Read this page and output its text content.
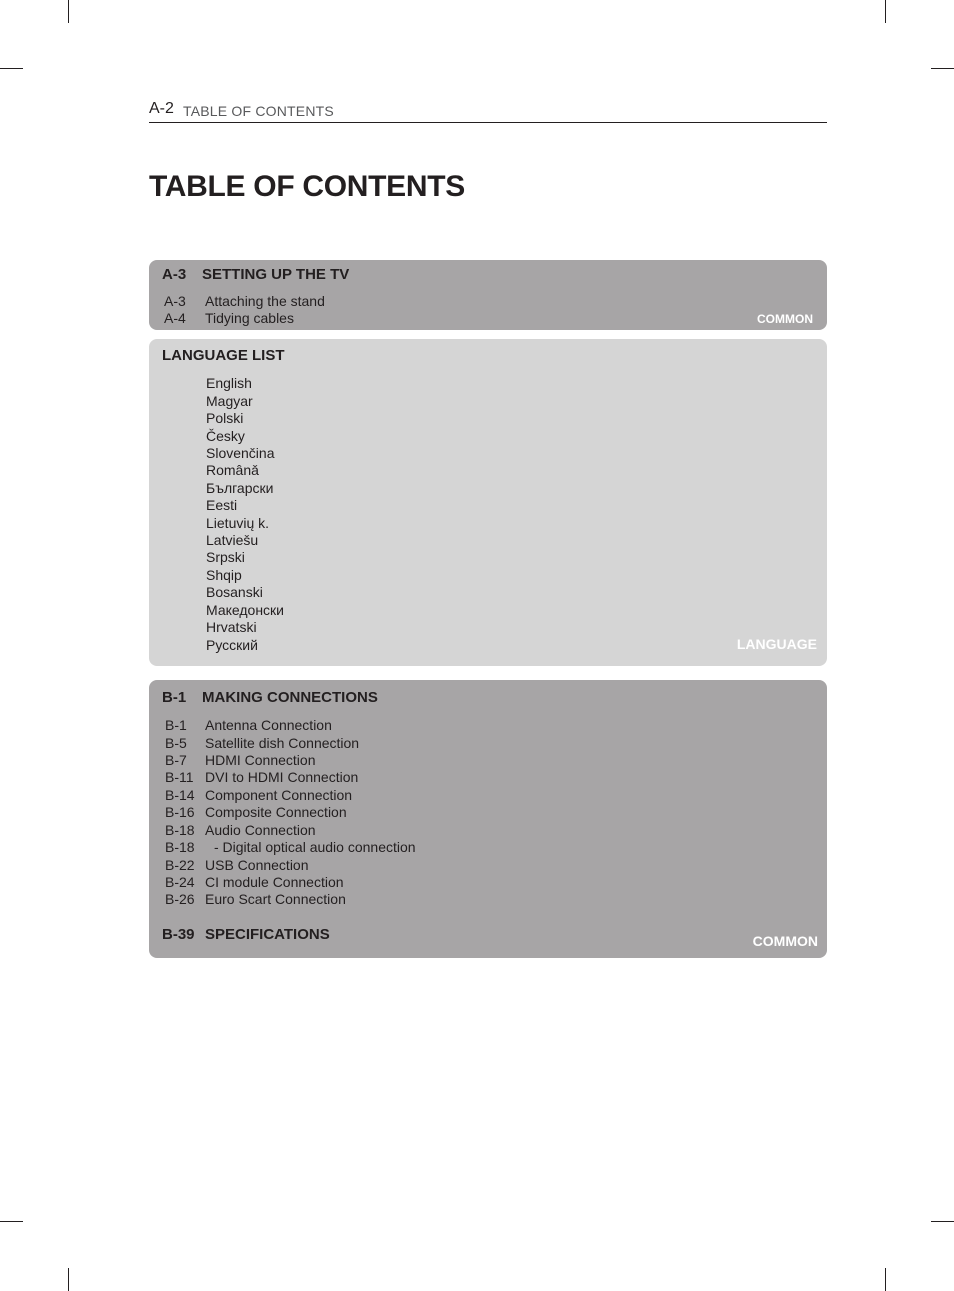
A-2 TABLE OF CONTENTS
TABLE OF CONTENTS
A-3 SETTING UP THE TV
A-3 Attaching the stand
A-4 Tidying cables	COMMON
LANGUAGE LIST
English
Magyar
Polski
Česky
Slovenčina
Românǎ
Български
Eesti
Lietuvių k.
Latviešu
Srpski
Shqip
Bosanski
Македонски
Hrvatski
Русский	LANGUAGE
B-1 MAKING CONNECTIONS
B-1 Antenna Connection
B-5 Satellite dish Connection
B-7 HDMI Connection
B-11 DVI to HDMI Connection
B-14 Component Connection
B-16 Composite Connection
B-18 Audio Connection
B-18 - Digital optical audio connection
B-22 USB Connection
B-24 CI module Connection
B-26 Euro Scart Connection
B-39 SPECIFICATIONS	COMMON
